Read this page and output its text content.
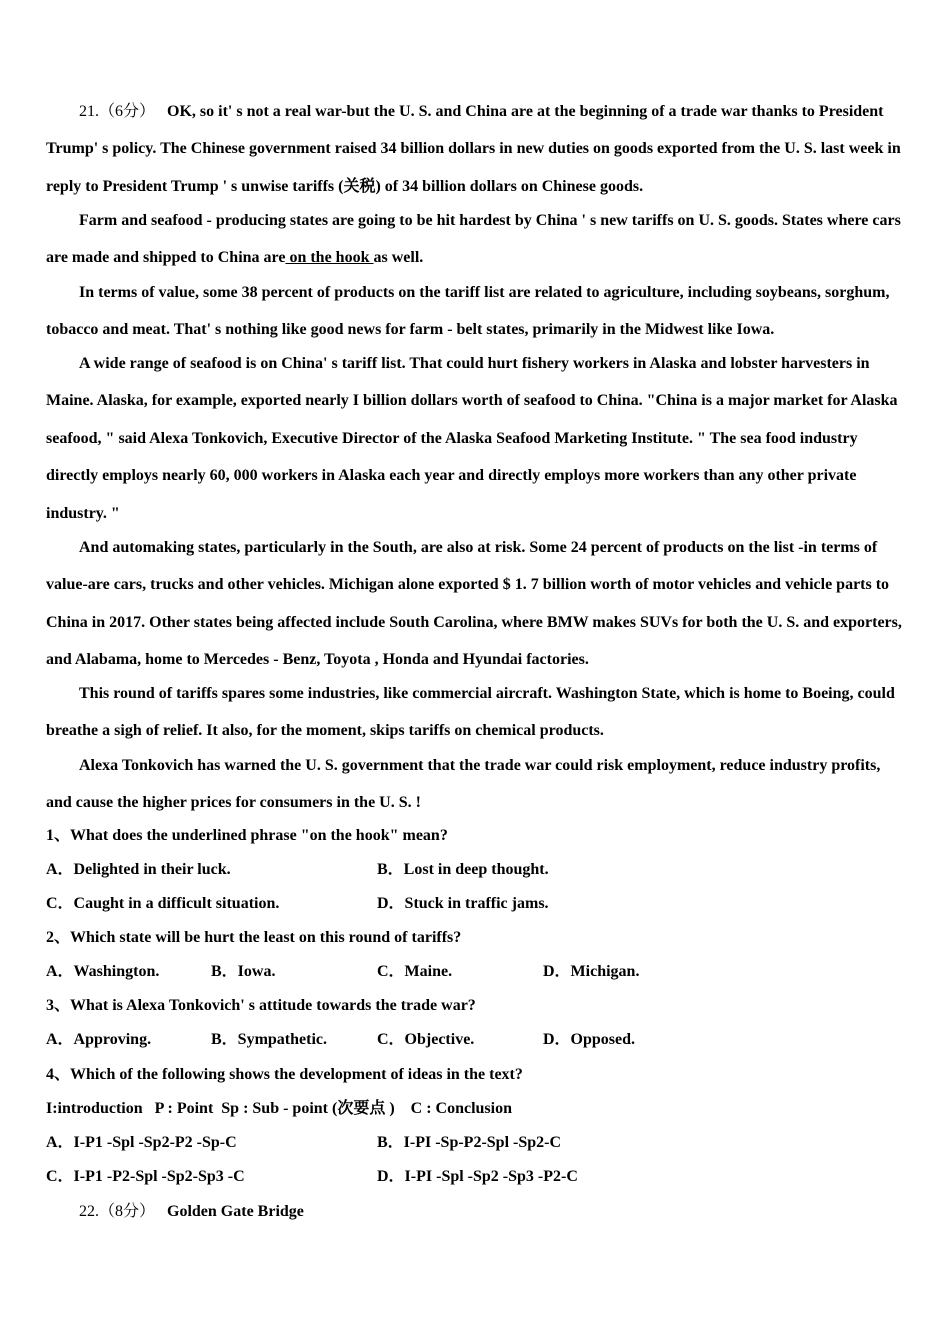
21.（6分） OK, so it' s not a real war-but the U. S. and China are at the beginning of a trade war thanks to President Trump' s policy. The Chinese government raised 34 billion dollars in new duties on goods exported from the U. S. last week in reply to President Trump ' s unwise tariffs (关税) of 34 billion dollars on Chinese goods.

Farm and seafood - producing states are going to be hit hardest by China ' s new tariffs on U. S. goods. States where cars are made and shipped to China are on the hook as well.

In terms of value, some 38 percent of products on the tariff list are related to agriculture, including soybeans, sorghum, tobacco and meat. That' s nothing like good news for farm - belt states, primarily in the Midwest like Iowa.

A wide range of seafood is on China' s tariff list. That could hurt fishery workers in Alaska and lobster harvesters in Maine. Alaska, for example, exported nearly I billion dollars worth of seafood to China. "China is a major market for Alaska seafood, " said Alexa Tonkovich, Executive Director of the Alaska Seafood Marketing Institute. " The sea food industry directly employs nearly 60, 000 workers in Alaska each year and directly employs more workers than any other private industry. "

And automaking states, particularly in the South, are also at risk. Some 24 percent of products on the list -in terms of value-are cars, trucks and other vehicles. Michigan alone exported $ 1. 7 billion worth of motor vehicles and vehicle parts to China in 2017. Other states being affected include South Carolina, where BMW makes SUVs for both the U. S. and exporters, and Alabama, home to Mercedes - Benz, Toyota , Honda and Hyundai factories.

This round of tariffs spares some industries, like commercial aircraft. Washington State, which is home to Boeing, could breathe a sigh of relief. It also, for the moment, skips tariffs on chemical products.

Alexa Tonkovich has warned the U. S. government that the trade war could risk employment, reduce industry profits, and cause the higher prices for consumers in the U. S. !

1、What does the underlined phrase "on the hook" mean?
A．Delighted in their luck.	B．Lost in deep thought.
C．Caught in a difficult situation.	D．Stuck in traffic jams.
2、Which state will be hurt the least on this round of tariffs?
A．Washington.	B．Iowa.	C．Maine.	D．Michigan.
3、What is Alexa Tonkovich' s attitude towards the trade war?
A．Approving.	B．Sympathetic.	C．Objective.	D．Opposed.
4、Which of the following shows the development of ideas in the text?
I:introduction   P : Point  Sp : Sub - point (次要点 )    C : Conclusion
A．I-P1 -Spl -Sp2-P2 -Sp-C	B．I-PI -Sp-P2-Spl -Sp2-C
C．I-P1 -P2-Spl -Sp2-Sp3 -C	D．I-PI -Spl -Sp2 -Sp3 -P2-C
22.（8分） Golden Gate Bridge
